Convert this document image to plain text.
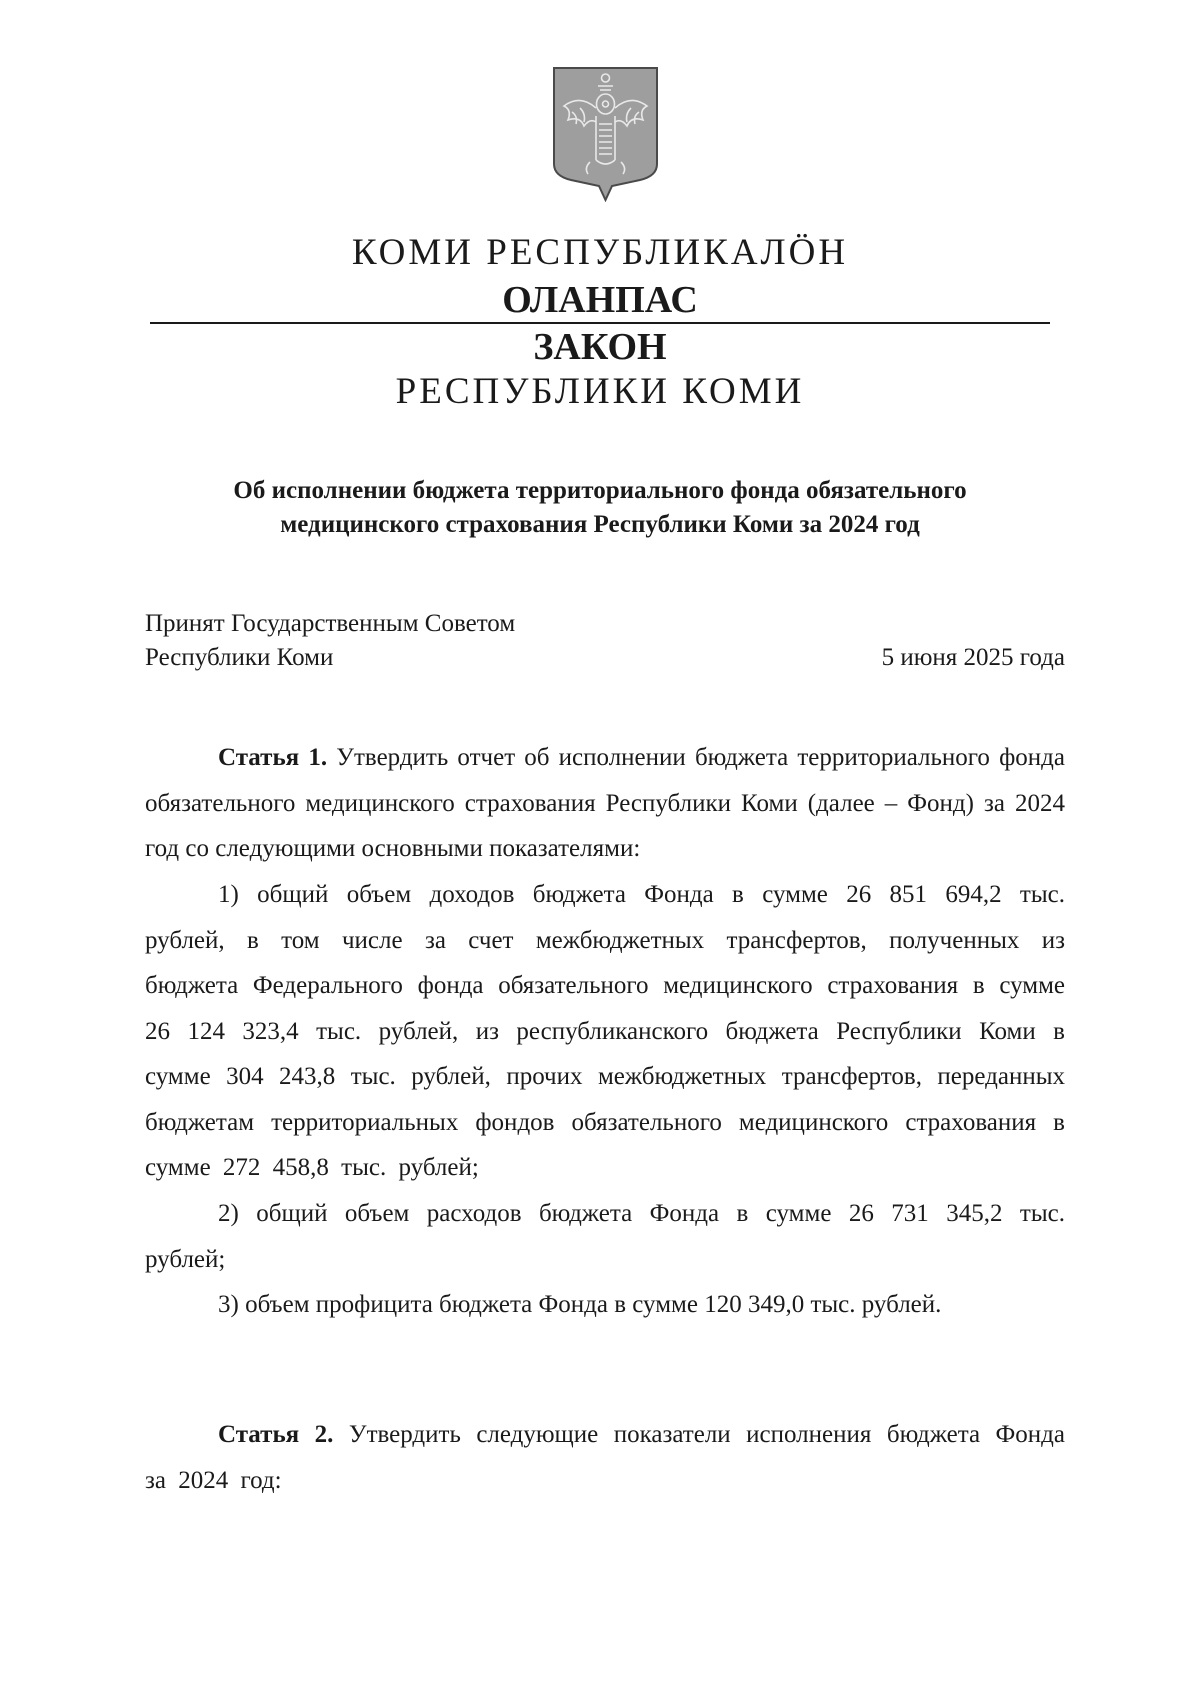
КОМИ РЕСПУБЛИКАЛӦН
ОЛАНПАС
ЗАКОН
РЕСПУБЛИКИ КОМИ
Об исполнении бюджета территориального фонда обязательного
медицинского страхования Республики Коми за 2024 год
Принят Государственным Советом
Республики Коми	5 июня 2025 года

Статья 1. Утвердить отчет об исполнении бюджета территориального фонда обязательного медицинского страхования Республики Коми (далее – Фонд) за 2024 год со следующими основными показателями:

1) общий объем доходов бюджета Фонда в сумме 26 851 694,2 тыс. рублей, в том числе за счет межбюджетных трансфертов, полученных из бюджета Федерального фонда обязательного медицинского страхования в сумме 26 124 323,4 тыс. рублей, из республиканского бюджета Республики Коми в сумме 304 243,8 тыс. рублей, прочих межбюджетных трансфертов, переданных бюджетам территориальных фондов обязательного медицинского страхования в сумме 272 458,8 тыс. рублей;

2) общий объем расходов бюджета Фонда в сумме 26 731 345,2 тыс. рублей;

3) объем профицита бюджета Фонда в сумме 120 349,0 тыс. рублей.

Статья 2. Утвердить следующие показатели исполнения бюджета Фонда за 2024 год:
